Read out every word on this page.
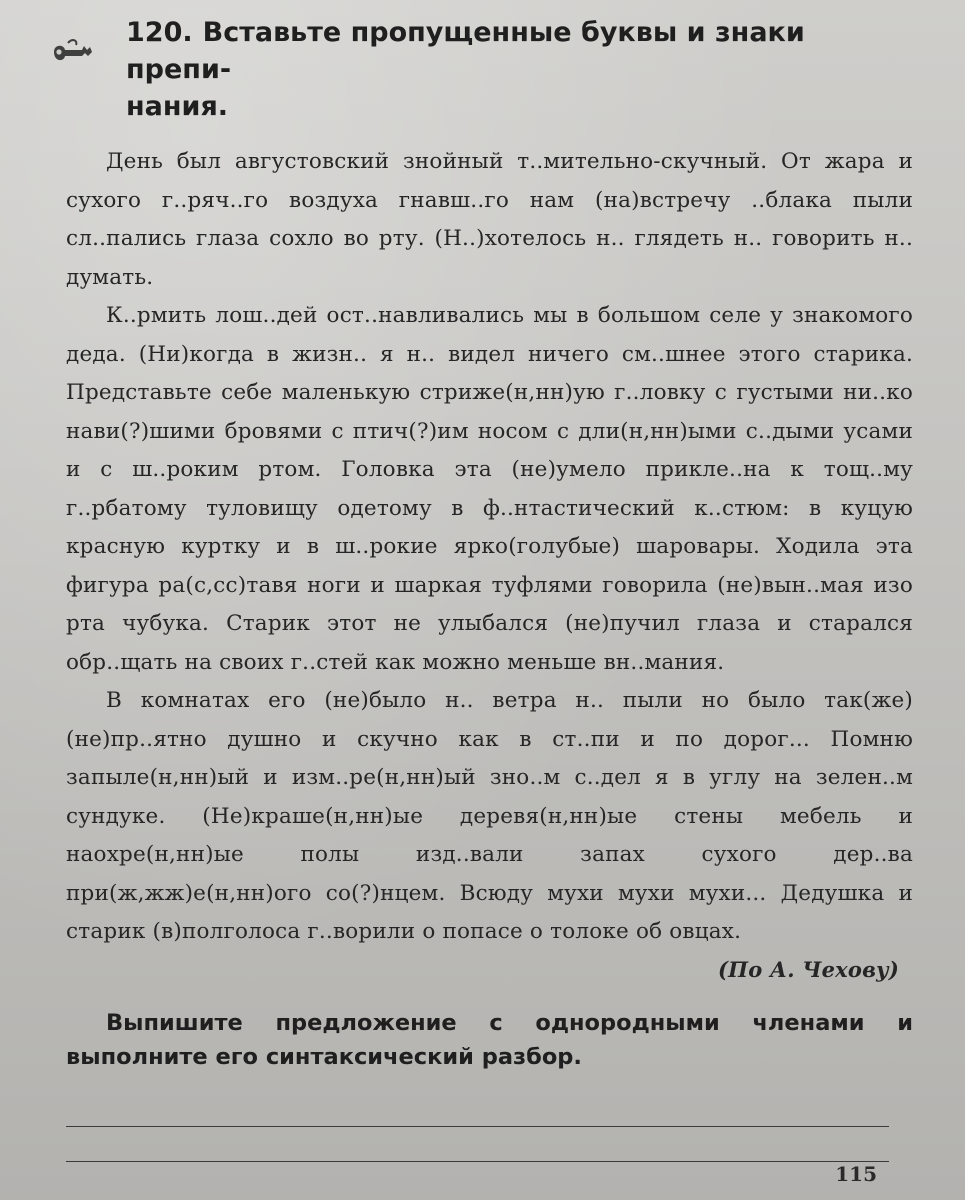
120. Вставьте пропущенные буквы и знаки препи-
нания.

День был августовский знойный т..мительно-скучный. От жара и сухого г..ряч..го воздуха гнавш..го нам (на)встречу ..блака пыли сл..пались глаза сохло во рту. (Н..)хотелось н.. глядеть н.. говорить н.. думать.

К..рмить лош..дей ост..навливались мы в большом селе у знакомого деда. (Ни)когда в жизн.. я н.. видел ничего см..шнее этого старика. Представьте себе маленькую стриже(н,нн)ую г..ловку с густыми ни..ко нави(?)шими бровями с птич(?)им носом с дли(н,нн)ыми с..дыми усами и с ш..роким ртом. Головка эта (не)умело прикле..на к тощ..му г..рбатому туловищу одетому в ф..нтастический к..стюм: в куцую красную куртку и в ш..рокие ярко(голубые) шаровары. Ходила эта фигура ра(с,сс)тавя ноги и шаркая туфлями говорила (не)вын..мая изо рта чубука. Старик этот не улыбался (не)пучил глаза и старался обр..щать на своих г..стей как можно меньше вн..мания.

В комнатах его (не)было н.. ветра н.. пыли но было так(же) (не)пр..ятно душно и скучно как в ст..пи и по дорог... Помню запыле(н,нн)ый и изм..ре(н,нн)ый зно..м с..дел я в углу на зелен..м сундуке. (Не)краше(н,нн)ые деревя(н,нн)ые стены мебель и наохре(н,нн)ые полы изд..вали запах сухого дер..ва при(ж,жж)е(н,нн)ого со(?)нцем. Всюду мухи мухи мухи... Дедушка и старик (в)полголоса г..ворили о попасе о толоке об овцах.

(По А. Чехову)
Выпишите предложение с однородными членами и выполните его синтаксический разбор.
115
